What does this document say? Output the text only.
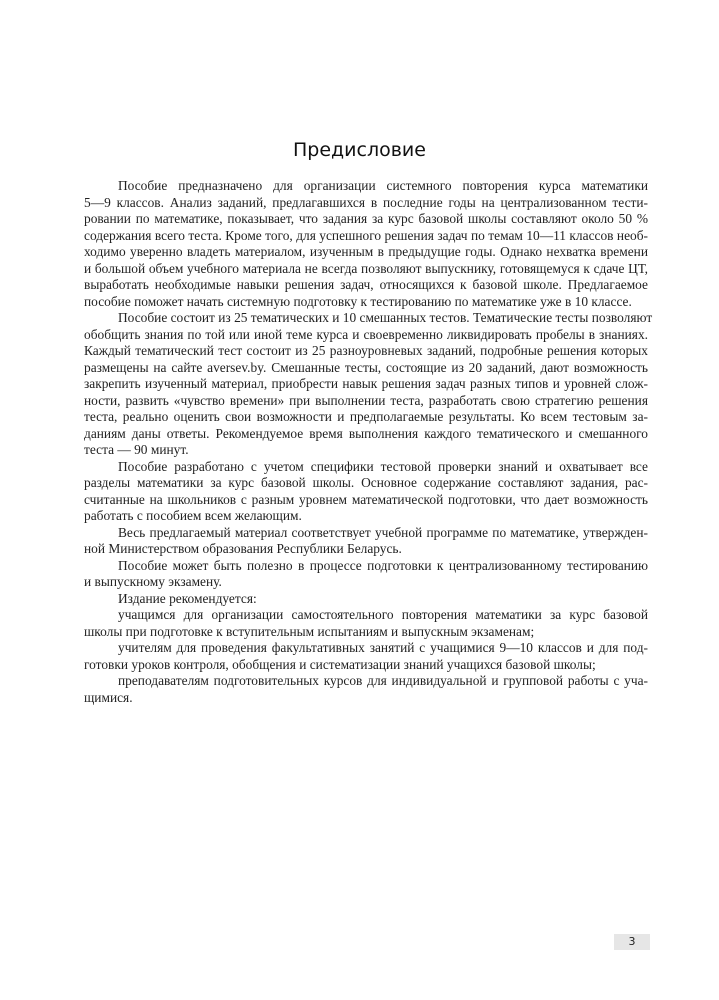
Предисловие
Пособие предназначено для организации системного повторения курса математики
5—9 классов. Анализ заданий, предлагавшихся в последние годы на централизованном тести-
ровании по математике, показывает, что задания за курс базовой школы составляют около 50 %
содержания всего теста. Кроме того, для успешного решения задач по темам 10—11 классов необ-
ходимо уверенно владеть материалом, изученным в предыдущие годы. Однако нехватка времени
и большой объем учебного материала не всегда позволяют выпускнику, готовящемуся к сдаче ЦТ,
выработать необходимые навыки решения задач, относящихся к базовой школе. Предлагаемое
пособие поможет начать системную подготовку к тестированию по математике уже в 10 классе.
Пособие состоит из 25 тематических и 10 смешанных тестов. Тематические тесты позволяют
обобщить знания по той или иной теме курса и своевременно ликвидировать пробелы в знаниях.
Каждый тематический тест состоит из 25 разноуровневых заданий, подробные решения которых
размещены на сайте aversev.by. Смешанные тесты, состоящие из 20 заданий, дают возможность
закрепить изученный материал, приобрести навык решения задач разных типов и уровней слож-
ности, развить «чувство времени» при выполнении теста, разработать свою стратегию решения
теста, реально оценить свои возможности и предполагаемые результаты. Ко всем тестовым за-
даниям даны ответы. Рекомендуемое время выполнения каждого тематического и смешанного
теста — 90 минут.
Пособие разработано с учетом специфики тестовой проверки знаний и охватывает все
разделы математики за курс базовой школы. Основное содержание составляют задания, рас-
считанные на школьников с разным уровнем математической подготовки, что дает возможность
работать с пособием всем желающим.
Весь предлагаемый материал соответствует учебной программе по математике, утвержден-
ной Министерством образования Республики Беларусь.
Пособие может быть полезно в процессе подготовки к централизованному тестированию
и выпускному экзамену.
Издание рекомендуется:
учащимся для организации самостоятельного повторения математики за курс базовой
школы при подготовке к вступительным испытаниям и выпускным экзаменам;
учителям для проведения факультативных занятий с учащимися 9—10 классов и для под-
готовки уроков контроля, обобщения и систематизации знаний учащихся базовой школы;
преподавателям подготовительных курсов для индивидуальной и групповой работы с уча-
щимися.
3
